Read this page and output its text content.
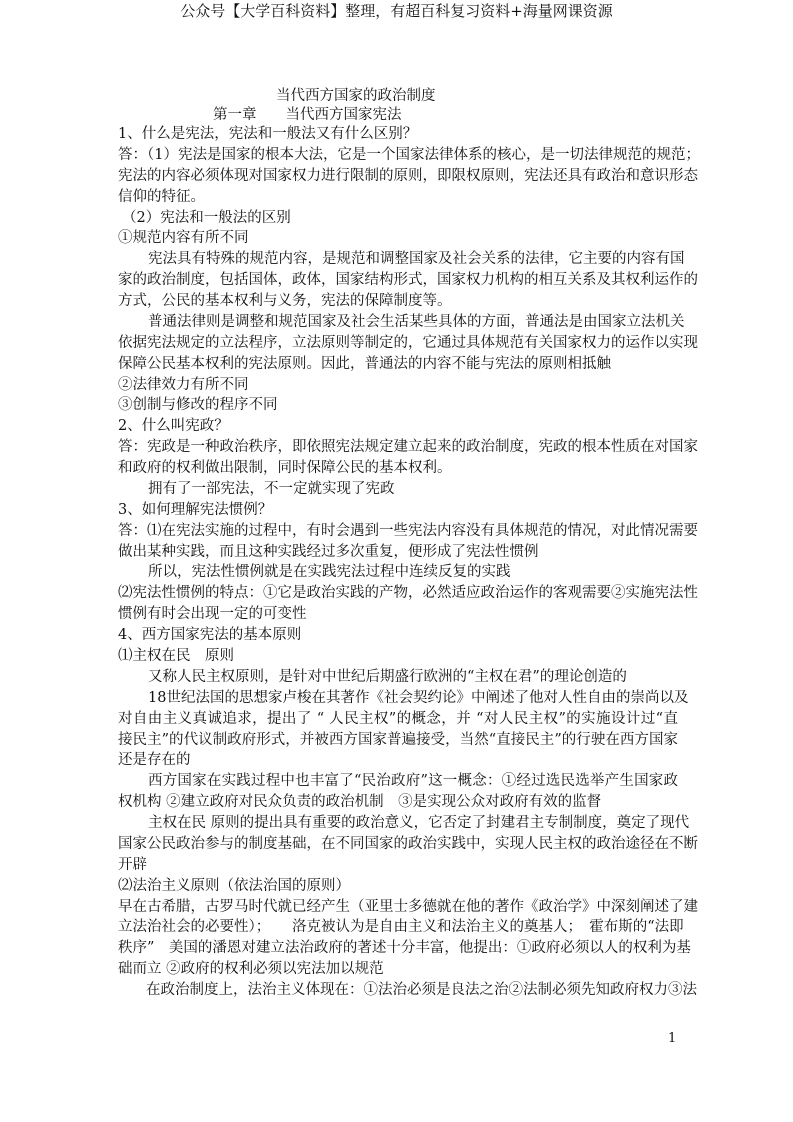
公众号【大学百科资料】整理，有超百科复习资料+海量网课资源
当代西方国家的政治制度
第一章　　当代西方国家宪法
1、什么是宪法，宪法和一般法又有什么区别？
答：（1）宪法是国家的根本大法，它是一个国家法律体系的核心，是一切法律规范的规范；
宪法的内容必须体现对国家权力进行限制的原则，即限权原则，宪法还具有政治和意识形态
信仰的特征。
（2）宪法和一般法的区别
①规范内容有所不同
宪法具有特殊的规范内容，是规范和调整国家及社会关系的法律，它主要的内容有国
家的政治制度，包括国体，政体，国家结构形式，国家权力机构的相互关系及其权利运作的
方式，公民的基本权利与义务，宪法的保障制度等。
普通法律则是调整和规范国家及社会生活某些具体的方面，普通法是由国家立法机关
依据宪法规定的立法程序，立法原则等制定的，它通过具体规范有关国家权力的运作以实现
保障公民基本权利的宪法原则。因此，普通法的内容不能与宪法的原则相抵触
②法律效力有所不同
③创制与修改的程序不同
2、什么叫宪政？
答：宪政是一种政治秩序，即依照宪法规定建立起来的政治制度，宪政的根本性质在对国家
和政府的权利做出限制，同时保障公民的基本权利。
拥有了一部宪法，不一定就实现了宪政
3、如何理解宪法惯例？
答：⑴在宪法实施的过程中，有时会遇到一些宪法内容没有具体规范的情况，对此情况需要
做出某种实践，而且这种实践经过多次重复，便形成了宪法性惯例
所以，宪法性惯例就是在实践宪法过程中连续反复的实践
⑵宪法性惯例的特点：①它是政治实践的产物，必然适应政治运作的客观需要②实施宪法性
惯例有时会出现一定的可变性
4、西方国家宪法的基本原则
⑴主权在民　原则
又称人民主权原则，是针对中世纪后期盛行欧洲的“主权在君”的理论创造的
18世纪法国的思想家卢梭在其著作《社会契约论》中阐述了他对人性自由的崇尚以及
对自由主义真诚追求，提出了 “ 人民主权”的概念，并 “对人民主权”的实施设计过“直
接民主”的代议制政府形式，并被西方国家普遍接受，当然“直接民主”的行驶在西方国家
还是存在的
西方国家在实践过程中也丰富了“民治政府”这一概念：①经过选民选举产生国家政
权机构 ②建立政府对民众负责的政治机制　③是实现公众对政府有效的监督
主权在民 原则的提出具有重要的政治意义，它否定了封建君主专制制度，奠定了现代
国家公民政治参与的制度基础，在不同国家的政治实践中，实现人民主权的政治途径在不断
开辟
⑵法治主义原则（依法治国的原则）
早在古希腊，古罗马时代就已经产生（亚里士多德就在他的著作《政治学》中深刻阐述了建
立法治社会的必要性）；　　洛克被认为是自由主义和法治主义的奠基人；　霍布斯的“法即
秩序”　美国的潘恩对建立法治政府的著述十分丰富，他提出：①政府必须以人的权利为基
础而立 ②政府的权利必须以宪法加以规范
在政治制度上，法治主义体现在：①法治必须是良法之治②法制必须先知政府权力③法
1
